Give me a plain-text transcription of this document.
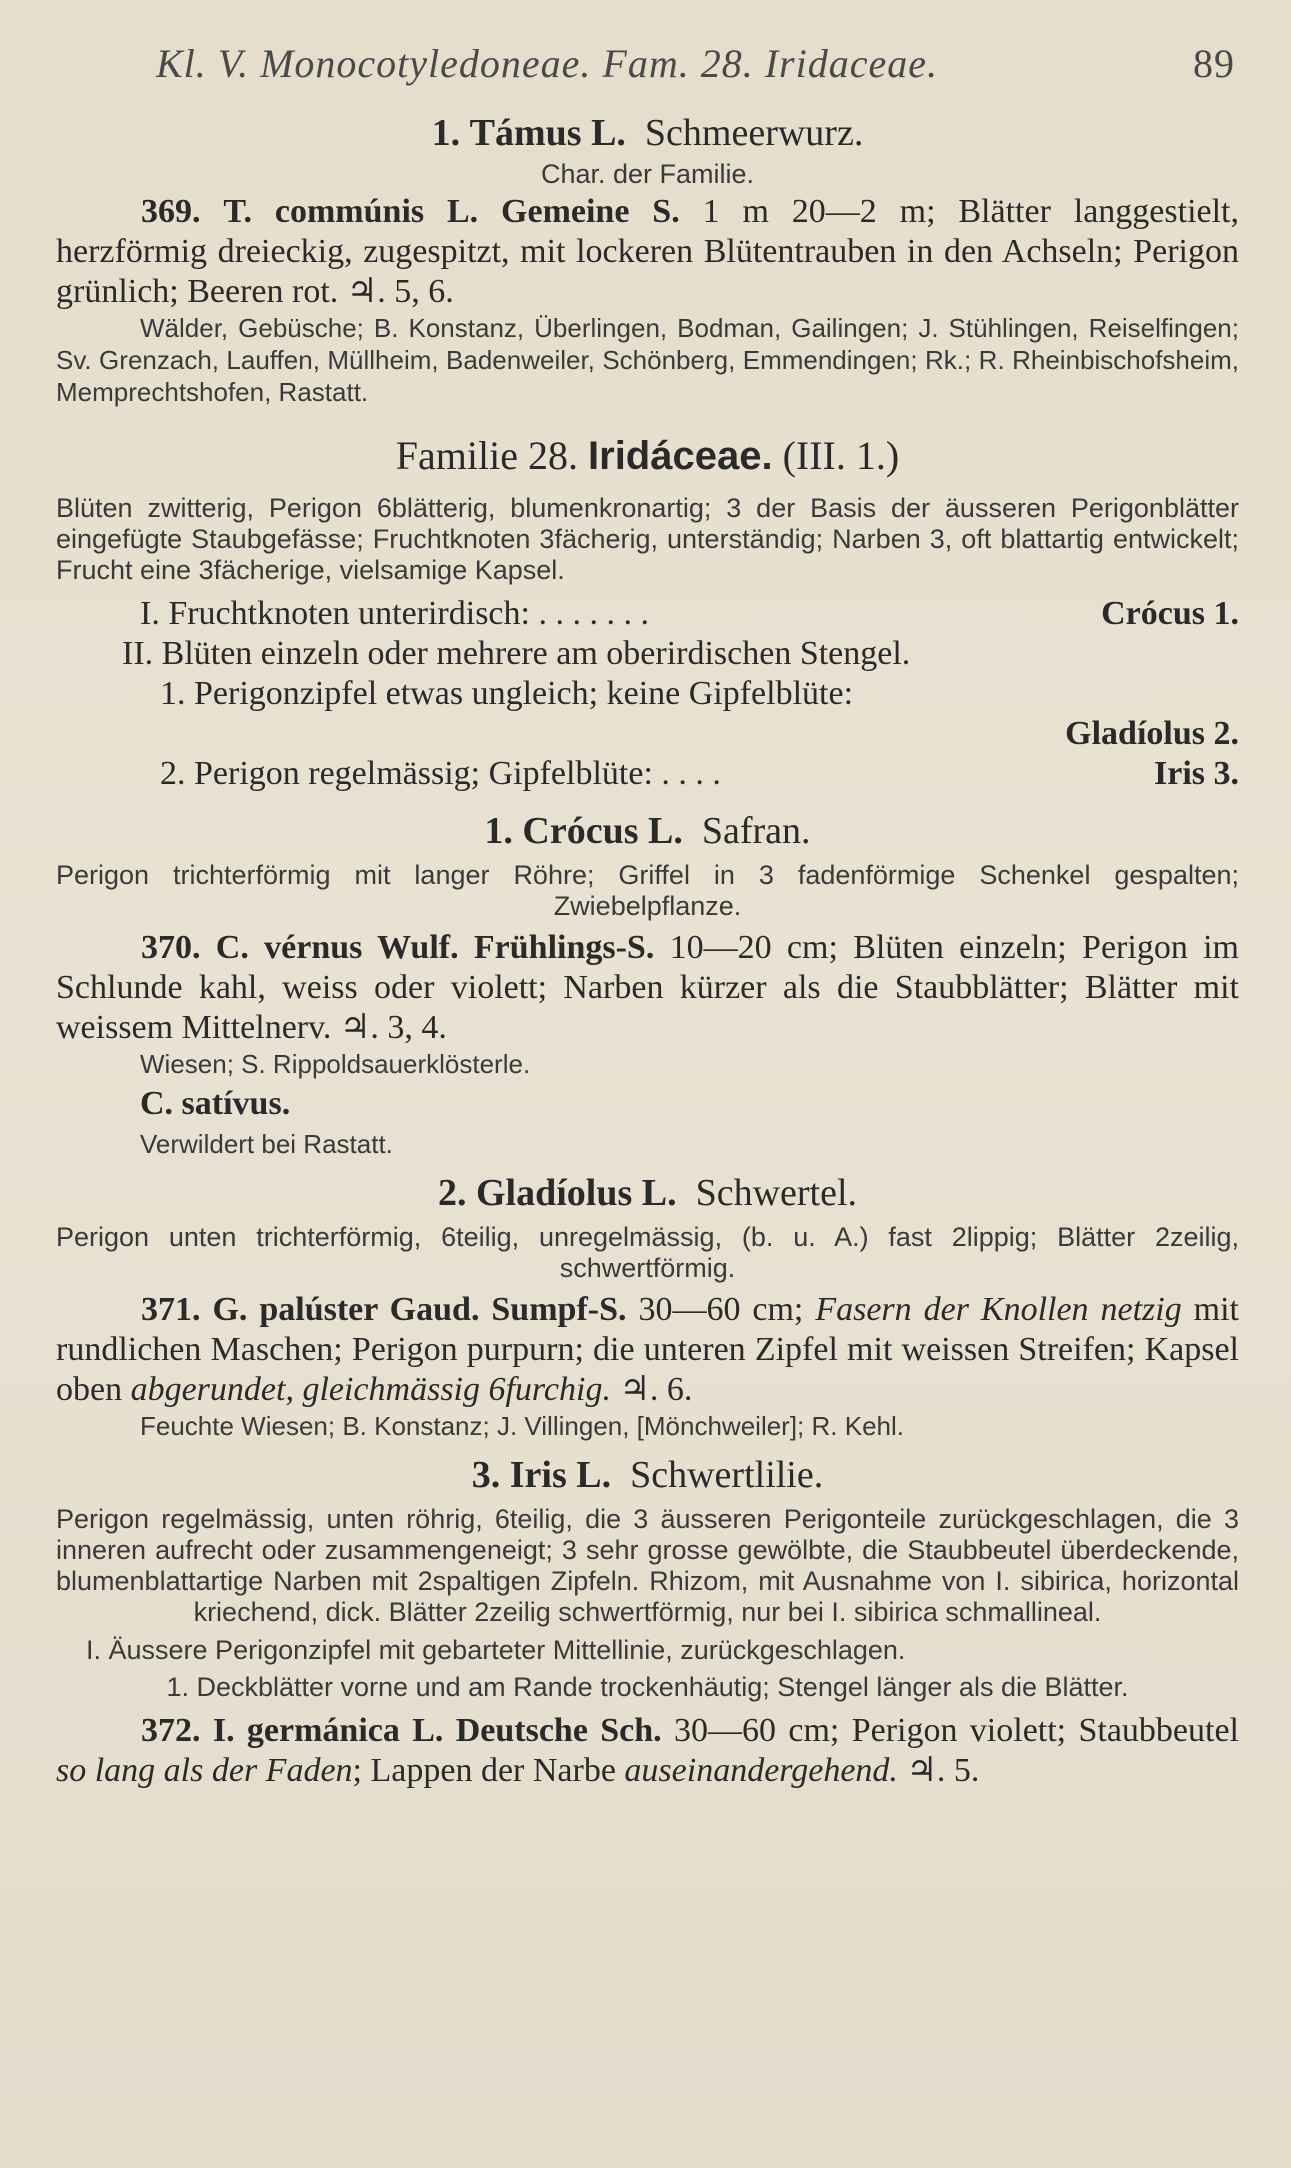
Kl. V. Monocotyledoneae. Fam. 28. Iridaceae.	89
1. Támus L. Schmeerwurz.
Char. der Familie.

369. T. commúnis L. Gemeine S. 1 m 20—2 m; Blätter langgestielt, herzförmig dreieckig, zugespitzt, mit lockeren Blütentrauben in den Achseln; Perigon grünlich; Beeren rot. ♃. 5, 6.

Wälder, Gebüsche; B. Konstanz, Überlingen, Bodman, Gailingen; J. Stühlingen, Reiselfingen; Sv. Grenzach, Lauffen, Müllheim, Badenweiler, Schönberg, Emmendingen; Rk.; R. Rheinbischofsheim, Memprechtshofen, Rastatt.

Familie 28. Iridáceae. (III. 1.)

Blüten zwitterig, Perigon 6blätterig, blumenkronartig; 3 der Basis der äusseren Perigonblätter eingefügte Staubgefässe; Fruchtknoten 3fächerig, unterständig; Narben 3, oft blattartig entwickelt; Frucht eine 3fächerige, vielsamige Kapsel.

I. Fruchtknoten unterirdisch: . . . . . . .	Crócus 1.
II. Blüten einzeln oder mehrere am oberirdischen Stengel.
1. Perigonzipfel etwas ungleich; keine Gipfelblüte:
Gladíolus 2.
2. Perigon regelmässig; Gipfelblüte: . . . .	Iris 3.
1. Crócus L. Safran.

Perigon trichterförmig mit langer Röhre; Griffel in 3 fadenförmige Schenkel gespalten; Zwiebelpflanze.

370. C. vérnus Wulf. Frühlings-S. 10—20 cm; Blüten einzeln; Perigon im Schlunde kahl, weiss oder violett; Narben kürzer als die Staubblätter; Blätter mit weissem Mittelnerv. ♃. 3, 4.

Wiesen; S. Rippoldsauerklösterle.

C. satívus.

Verwildert bei Rastatt.

2. Gladíolus L. Schwertel.

Perigon unten trichterförmig, 6teilig, unregelmässig, (b. u. A.) fast 2lippig; Blätter 2zeilig, schwertförmig.

371. G. palúster Gaud. Sumpf-S. 30—60 cm; Fasern der Knollen netzig mit rundlichen Maschen; Perigon purpurn; die unteren Zipfel mit weissen Streifen; Kapsel oben abgerundet, gleichmässig 6furchig. ♃. 6.

Feuchte Wiesen; B. Konstanz; J. Villingen, [Mönchweiler]; R. Kehl.

3. Iris L. Schwertlilie.

Perigon regelmässig, unten röhrig, 6teilig, die 3 äusseren Perigonteile zurückgeschlagen, die 3 inneren aufrecht oder zusammengeneigt; 3 sehr grosse gewölbte, die Staubbeutel überdeckende, blumenblattartige Narben mit 2spaltigen Zipfeln. Rhizom, mit Ausnahme von I. sibirica, horizontal kriechend, dick. Blätter 2zeilig schwertförmig, nur bei I. sibirica schmallineal.

I. Äussere Perigonzipfel mit gebarteter Mittellinie, zurückgeschlagen.

1. Deckblätter vorne und am Rande trockenhäutig; Stengel länger als die Blätter.

372. I. germánica L. Deutsche Sch. 30—60 cm; Perigon violett; Staubbeutel so lang als der Faden; Lappen der Narbe auseinandergehend. ♃. 5.
